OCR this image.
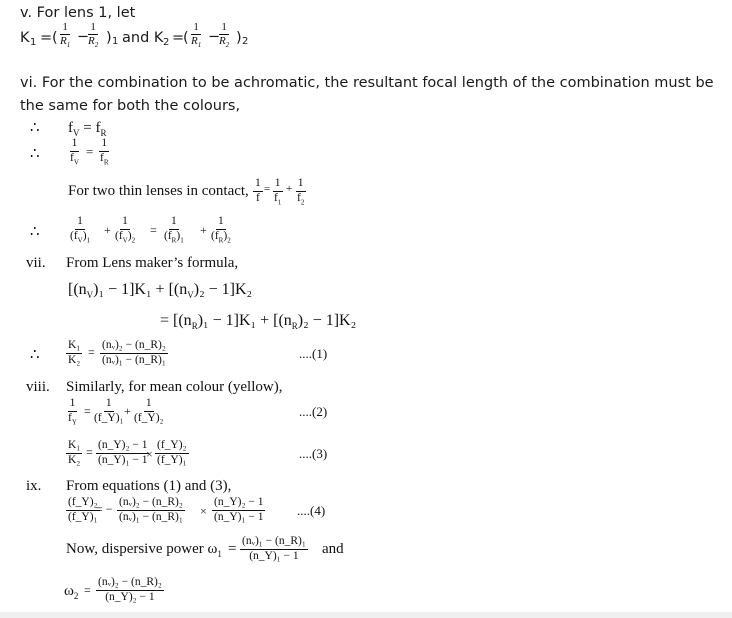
v. For lens 1, let
K 1 = ( $\frac{1}{R_1}$ −
$\frac{1}{R_2}$ ) 1 and K 2 =
( $\frac{1}{R_1}$ −
$\frac{1}{R_2}$ ) 2
vi. For the combination to be achromatic, the resultant focal length of the combination must be
the same for both the colours,
∴ $f_V = f_R$
∴ $\frac{1}{f_V} = \frac{1}{f_R}$
For two thin lenses in contact, $\frac{1}{f} = \frac{1}{f_1} + \frac{1}{f_2}$
∴ $\frac{1}{(f_V)_1} + \frac{1}{(f_V)_2} = \frac{1}{(f_R)_1} + \frac{1}{(f_R)_2}$
vii. From Lens maker’s formula,
$[(n_V)_1 - 1]K_1 + [(n_V)_2 - 1]K_2$
= $[(n_R)_1 - 1]K_1 + [(n_R)_2 - 1]K_2$
∴ $\frac{\text{K₁}}{\text{K₂}} = \frac{\text{(nᵥ)₂ − (n\_R)₂}}{\text{(nᵥ)₁ − (n\_R)₁}}$	....(1)
viii. Similarly, for mean colour (yellow),
$\frac{1}{f_Y} = \frac{1}{\text{(f\_Y)₁}}$
+ $\frac{1}{\text{(f\_Y)₂}}$	....(2)
$\frac{\text{K₁}}{\text{K₂}} = \frac{\text{(n\_Y)₂ − 1}}{\text{(n\_Y)₁ − 1}}$
× $\frac{\text{(f\_Y)₂}}{\text{(f\_Y)₁}}$	....(3)
ix. From equations (1) and (3),
$\frac{\text{(f\_Y)₂}}{\text{(f\_Y)₁}}$
= − $\frac{\text{(nᵥ)₂ − (n\_R)₂}}{\text{(nᵥ)₁ − (n\_R)₁}} \times \frac{\text{(n\_Y)₂ − 1}}{\text{(n\_Y)₁ − 1}} ....(4)$
Now, dispersive power $\omega_1 = \frac{\text{(nᵥ)₁ − (n\_R)₁}}{\text{(n\_Y)₁ − 1}}$ and
$\omega_2 = \frac{\text{(nᵥ)₂ − (n\_R)₂}}{\text{(n\_Y)₂ − 1}}$
